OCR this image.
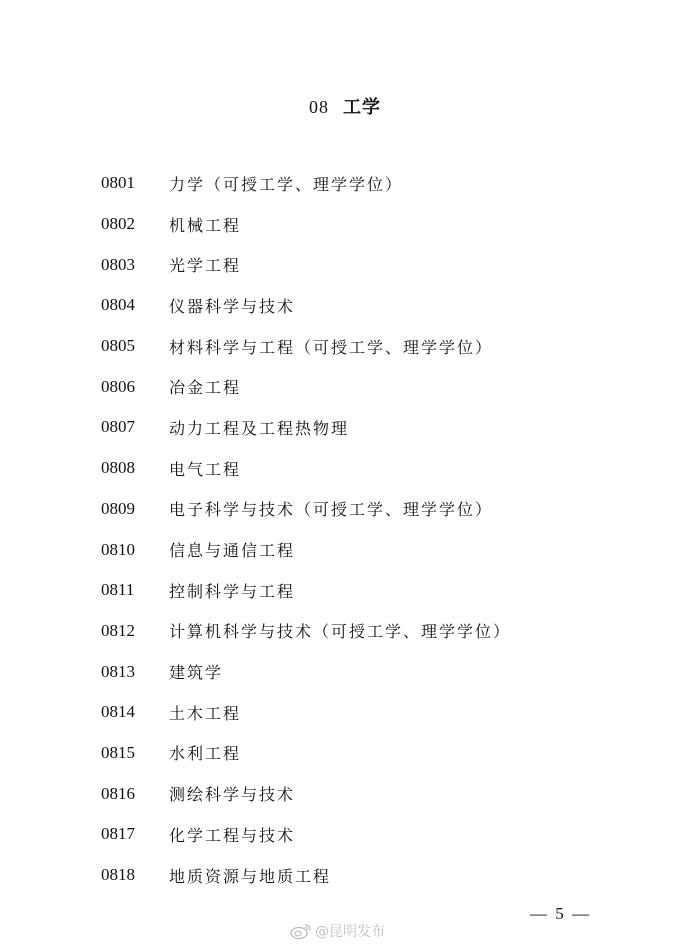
08 工学
0801	力学（可授工学、理学学位）
0802	机械工程
0803	光学工程
0804	仪器科学与技术
0805	材料科学与工程（可授工学、理学学位）
0806	冶金工程
0807	动力工程及工程热物理
0808	电气工程
0809	电子科学与技术（可授工学、理学学位）
0810	信息与通信工程
0811	控制科学与工程
0812	计算机科学与技术（可授工学、理学学位）
0813	建筑学
0814	土木工程
0815	水利工程
0816	测绘科学与技术
0817	化学工程与技术
0818	地质资源与地质工程
— 5 —
@昆明发布
